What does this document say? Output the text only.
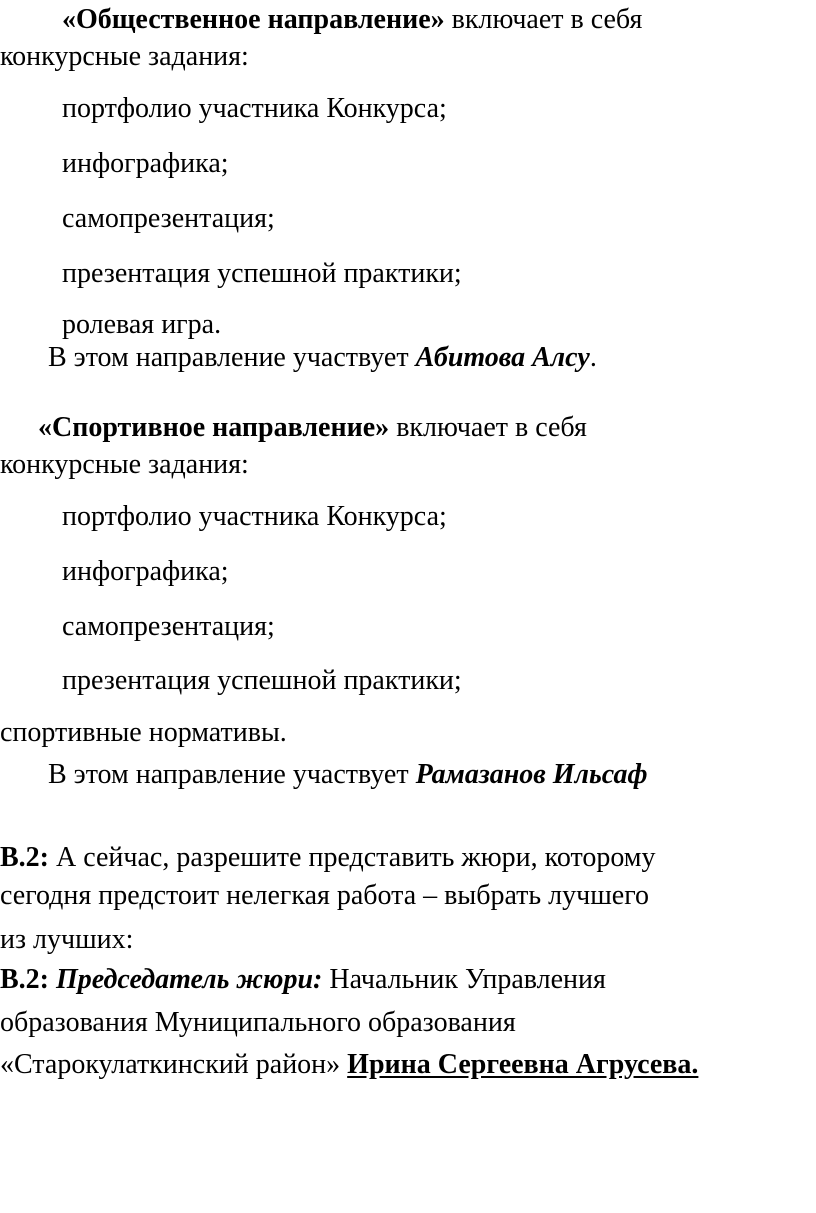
«Общественное направление» включает в себя

конкурсные задания:

портфолио участника Конкурса;

инфографика;

самопрезентация;

презентация успешной практики;

ролевая игра.

В этом направление участвует Абитова Алсу.

«Спортивное направление» включает в себя

конкурсные задания:

портфолио участника Конкурса;

инфографика;

самопрезентация;

презентация успешной практики;

спортивные нормативы.

В этом направление участвует Рамазанов Ильсаф

В.2: А сейчас, разрешите представить жюри, которому

сегодня предстоит нелегкая работа – выбрать лучшего

из лучших:

В.2: Председатель жюри: Начальник Управления

образования Муниципального образования

«Старокулаткинский район» Ирина Сергеевна Агрусева.
